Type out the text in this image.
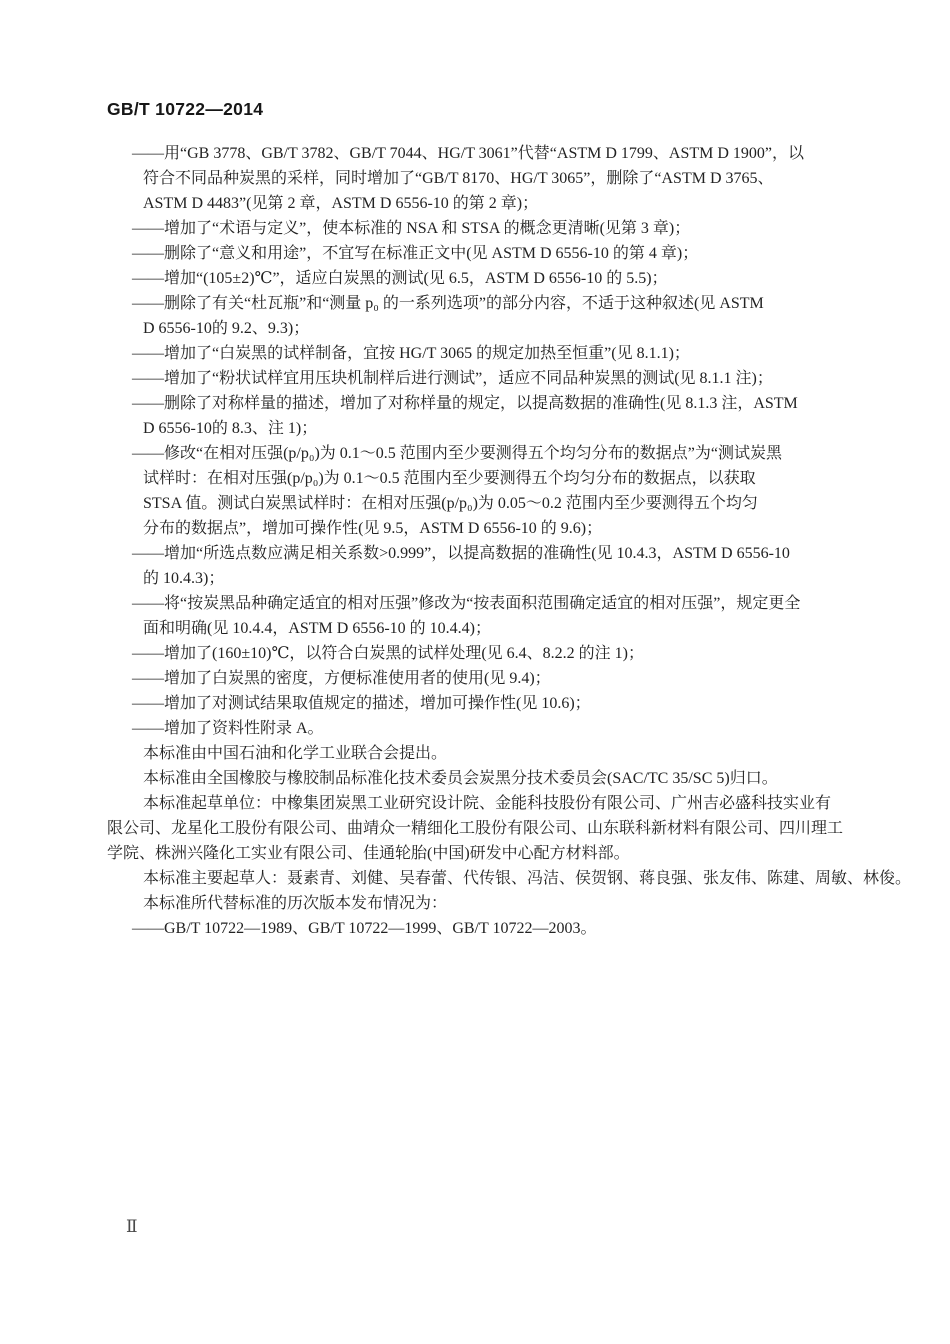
GB/T 10722—2014
——用“GB 3778、GB/T 3782、GB/T 7044、HG/T 3061”代替“ASTM D 1799、ASTM D 1900”，以
符合不同品种炭黑的采样，同时增加了“GB/T 8170、HG/T 3065”，删除了“ASTM D 3765、
ASTM D 4483”(见第 2 章，ASTM D 6556-10 的第 2 章)；
——增加了“术语与定义”，使本标准的 NSA 和 STSA 的概念更清晰(见第 3 章)；
——删除了“意义和用途”，不宜写在标准正文中(见 ASTM D 6556-10 的第 4 章)；
——增加“(105±2)℃”，适应白炭黑的测试(见 6.5，ASTM D 6556-10 的 5.5)；
——删除了有关“杜瓦瓶”和“测量 p₀ 的一系列选项”的部分内容，不适于这种叙述(见 ASTM
D 6556-10的 9.2、9.3)；
——增加了“白炭黑的试样制备，宜按 HG/T 3065 的规定加热至恒重”(见 8.1.1)；
——增加了“粉状试样宜用压块机制样后进行测试”，适应不同品种炭黑的测试(见 8.1.1 注)；
——删除了对称样量的描述，增加了对称样量的规定，以提高数据的准确性(见 8.1.3 注，ASTM
D 6556-10的 8.3、注 1)；
——修改“在相对压强(p/p₀)为 0.1～0.5 范围内至少要测得五个均匀分布的数据点”为“测试炭黑
试样时：在相对压强(p/p₀)为 0.1～0.5 范围内至少要测得五个均匀分布的数据点，以获取
STSA 值。测试白炭黑试样时：在相对压强(p/p₀)为 0.05～0.2 范围内至少要测得五个均匀
分布的数据点”，增加可操作性(见 9.5，ASTM D 6556-10 的 9.6)；
——增加“所选点数应满足相关系数>0.999”，以提高数据的准确性(见 10.4.3，ASTM D 6556-10
的 10.4.3)；
——将“按炭黑品种确定适宜的相对压强”修改为“按表面积范围确定适宜的相对压强”，规定更全
面和明确(见 10.4.4，ASTM D 6556-10 的 10.4.4)；
——增加了(160±10)℃，以符合白炭黑的试样处理(见 6.4、8.2.2 的注 1)；
——增加了白炭黑的密度，方便标准使用者的使用(见 9.4)；
——增加了对测试结果取值规定的描述，增加可操作性(见 10.6)；
——增加了资料性附录 A。
本标准由中国石油和化学工业联合会提出。
本标准由全国橡胶与橡胶制品标准化技术委员会炭黑分技术委员会(SAC/TC 35/SC 5)归口。
本标准起草单位：中橡集团炭黑工业研究设计院、金能科技股份有限公司、广州吉必盛科技实业有
限公司、龙星化工股份有限公司、曲靖众一精细化工股份有限公司、山东联科新材料有限公司、四川理工
学院、株洲兴隆化工实业有限公司、佳通轮胎(中国)研发中心配方材料部。
本标准主要起草人：聂素青、刘健、吴春蕾、代传银、冯洁、侯贺钢、蒋良强、张友伟、陈建、周敏、林俊。
本标准所代替标准的历次版本发布情况为：
——GB/T 10722—1989、GB/T 10722—1999、GB/T 10722—2003。
Ⅱ
